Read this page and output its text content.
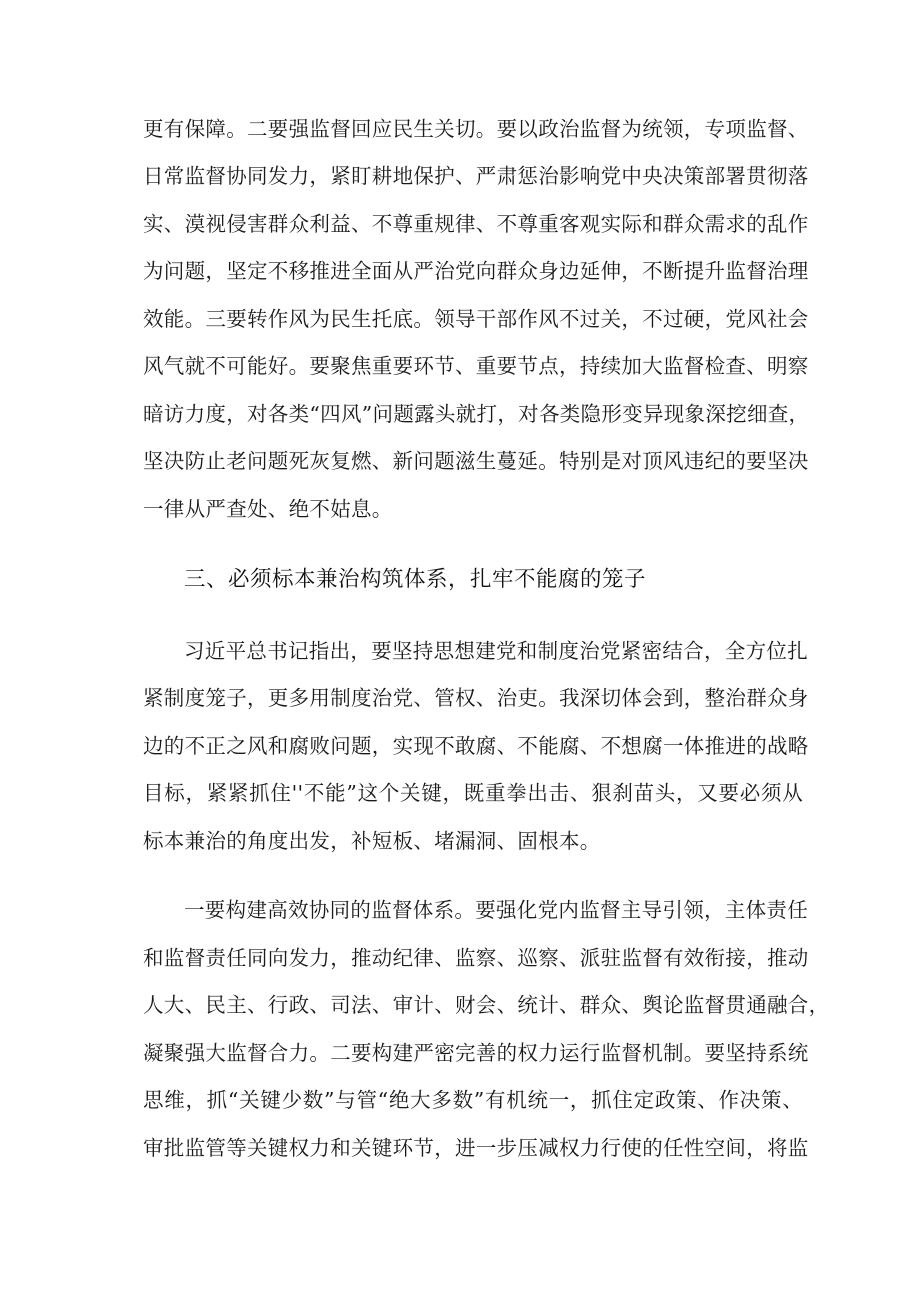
更有保障。二要强监督回应民生关切。要以政治监督为统领，专项监督、
日常监督协同发力，紧盯耕地保护、严肃惩治影响党中央决策部署贯彻落
实、漠视侵害群众利益、不尊重规律、不尊重客观实际和群众需求的乱作
为问题，坚定不移推进全面从严治党向群众身边延伸，不断提升监督治理
效能。三要转作风为民生托底。领导干部作风不过关，不过硬，党风社会
风气就不可能好。要聚焦重要环节、重要节点，持续加大监督检查、明察
暗访力度，对各类“四风”问题露头就打，对各类隐形变异现象深挖细查，
坚决防止老问题死灰复燃、新问题滋生蔓延。特别是对顶风违纪的要坚决
一律从严查处、绝不姑息。
三、必须标本兼治构筑体系，扎牢不能腐的笼子
习近平总书记指出，要坚持思想建党和制度治党紧密结合，全方位扎
紧制度笼子，更多用制度治党、管权、治吏。我深切体会到，整治群众身
边的不正之风和腐败问题，实现不敢腐、不能腐、不想腐一体推进的战略
目标，紧紧抓住''不能”这个关键，既重拳出击、狠刹苗头，又要必须从
标本兼治的角度出发，补短板、堵漏洞、固根本。
一要构建高效协同的监督体系。要强化党内监督主导引领，主体责任
和监督责任同向发力，推动纪律、监察、巡察、派驻监督有效衔接，推动
人大、民主、行政、司法、审计、财会、统计、群众、舆论监督贯通融合，
凝聚强大监督合力。二要构建严密完善的权力运行监督机制。要坚持系统
思维，抓“关键少数”与管“绝大多数”有机统一，抓住定政策、作决策、
审批监管等关键权力和关键环节，进一步压减权力行使的任性空间，将监
